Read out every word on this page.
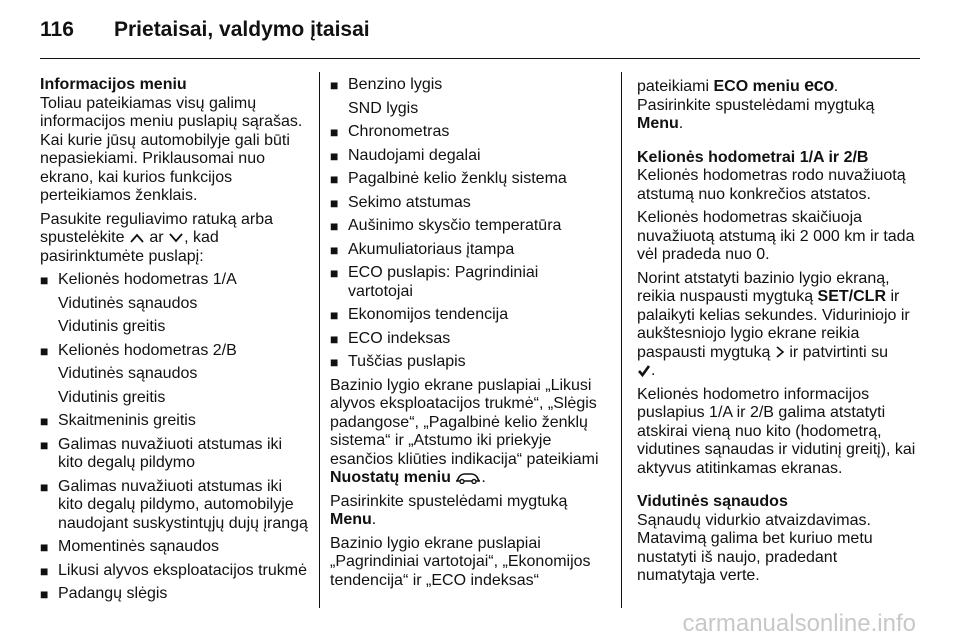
116 Prietaisai, valdymo įtaisai
Informacijos meniu

Toliau pateikiamas visų galimų informacijos meniu puslapių sąrašas. Kai kurie jūsų automobilyje gali būti nepasiekiami. Priklausomai nuo ekrano, kai kurios funkcijos perteikiamos ženklais.

Pasukite reguliavimo ratuką arba spustelėkite ar , kad pasirinktumėte puslapį:

■ Kelionės hodometras 1/A
Vidutinės sąnaudos
Vidutinis greitis
■ Kelionės hodometras 2/B
Vidutinės sąnaudos
Vidutinis greitis
■ Skaitmeninis greitis
■ Galimas nuvažiuoti atstumas iki kito degalų pildymo
■ Galimas nuvažiuoti atstumas iki kito degalų pildymo, automobilyje naudojant suskystintųjų dujų įrangą
■ Momentinės sąnaudos
■ Likusi alyvos eksploatacijos trukmė
■ Padangų slėgis
■ Benzino lygis
SND lygis
■ Chronometras
■ Naudojami degalai
■ Pagalbinė kelio ženklų sistema
■ Sekimo atstumas
■ Aušinimo skysčio temperatūra
■ Akumuliatoriaus įtampa
■ ECO puslapis: Pagrindiniai vartotojai
■ Ekonomijos tendencija
■ ECO indeksas
■ Tuščias puslapis

Bazinio lygio ekrane puslapiai „Likusi alyvos eksploatacijos trukmė“, „Slėgis padangose“, „Pagalbinė kelio ženklų sistema“ ir „Atstumo iki priekyje esančios kliūties indikacija“ pateikiami Nuostatų meniu .

Pasirinkite spustelėdami mygtuką Menu.

Bazinio lygio ekrane puslapiai „Pagrindiniai vartotojai“, „Ekonomijos tendencija“ ir „ECO indeksas“

pateikiami ECO meniu eco.

Pasirinkite spustelėdami mygtuką Menu.

Kelionės hodometrai 1/A ir 2/B

Kelionės hodometras rodo nuvažiuotą atstumą nuo konkrečios atstatos.

Kelionės hodometras skaičiuoja nuvažiuotą atstumą iki 2 000 km ir tada vėl pradeda nuo 0.

Norint atstatyti bazinio lygio ekraną, reikia nuspausti mygtuką SET/CLR ir palaikyti kelias sekundes. Viduriniojo ir aukštesniojo lygio ekrane reikia paspausti mygtuką ir patvirtinti su
.

Kelionės hodometro informacijos puslapius 1/A ir 2/B galima atstatyti atskirai vieną nuo kito (hodometrą, vidutines sąnaudas ir vidutinį greitį), kai aktyvus atitinkamas ekranas.

Vidutinės sąnaudos

Sąnaudų vidurkio atvaizdavimas. Matavimą galima bet kuriuo metu nustatyti iš naujo, pradedant numatytąja verte.

carmanualsonline.info
